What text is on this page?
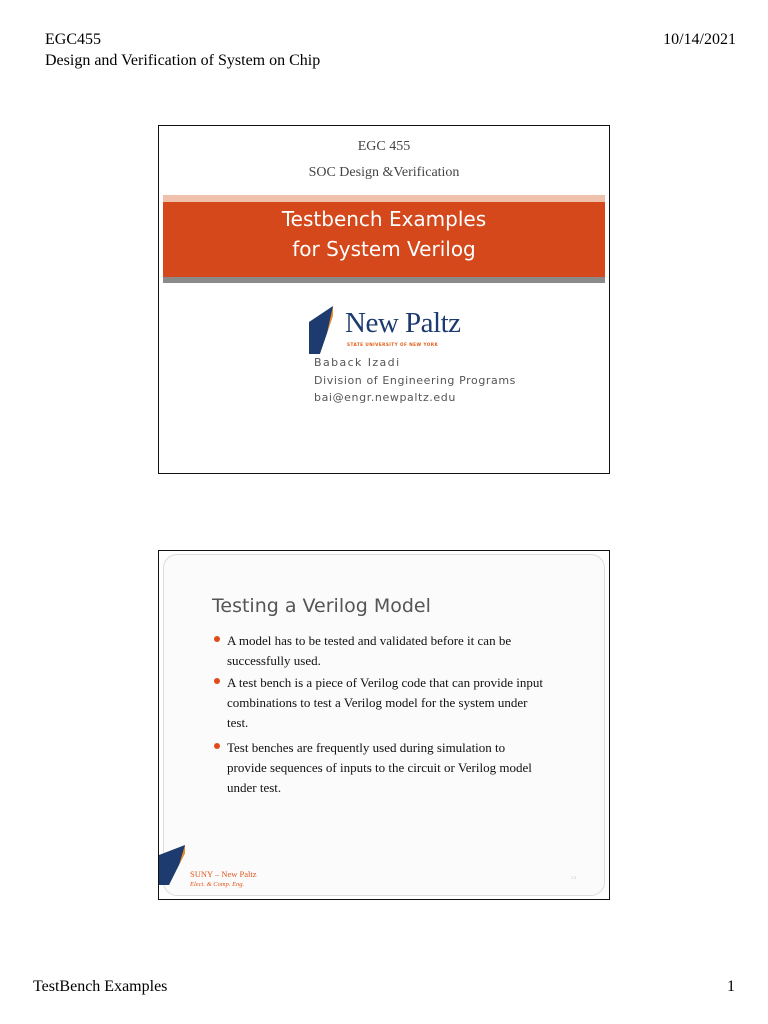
EGC455
Design and Verification of System on Chip
10/14/2021
EGC 455
SOC Design &Verification
Testbench Examples
for System Verilog
New Paltz
STATE UNIVERSITY OF NEW YORK
Baback Izadi
Division of Engineering Programs
bai@engr.newpaltz.edu
Testing a Verilog Model
A model has to be tested and validated before it can be
successfully used.
A test bench is a piece of Verilog code that can provide input
combinations to test a Verilog model for the system under
test.
Test benches are frequently used during simulation to
provide sequences of inputs to the circuit or Verilog model
under test.
SUNY – New Paltz
Elect. & Comp. Eng.
1.2
TestBench Examples	1
